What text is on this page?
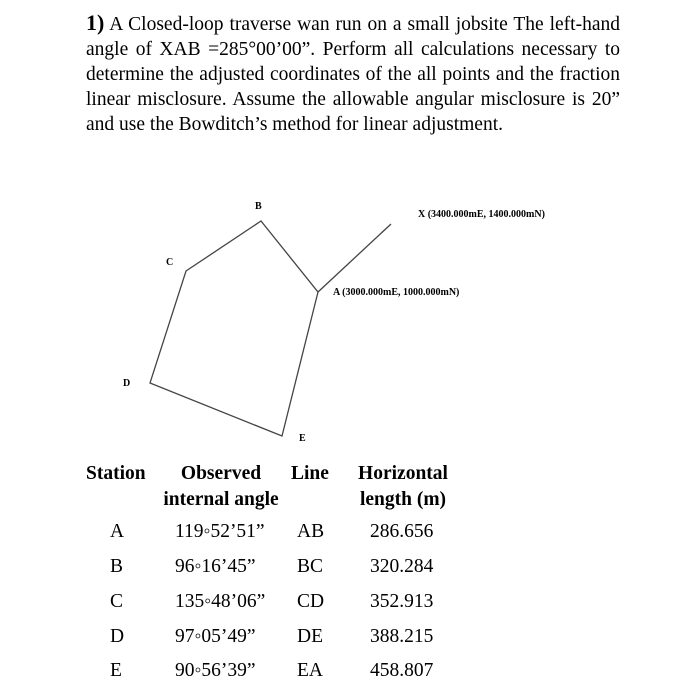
1) A Closed-loop traverse wan run on a small jobsite The left-hand angle of XAB =285°00’00”. Perform all calculations necessary to determine the adjusted coordinates of the all points and the fraction linear misclosure. Assume the allowable angular misclosure is 20” and use the Bowditch’s method for linear adjustment.
B
C
D
E
X (3400.000mE, 1400.000mN)
A (3000.000mE, 1000.000mN)
Station	Observed
internal angle
Line Horizontal
length (m)
A	119◦52’51” AB 286.656
B	96◦16’45” BC 320.284
C	135◦48’06” CD 352.913
D	97◦05’49” DE 388.215
E	90◦56’39” EA 458.807
